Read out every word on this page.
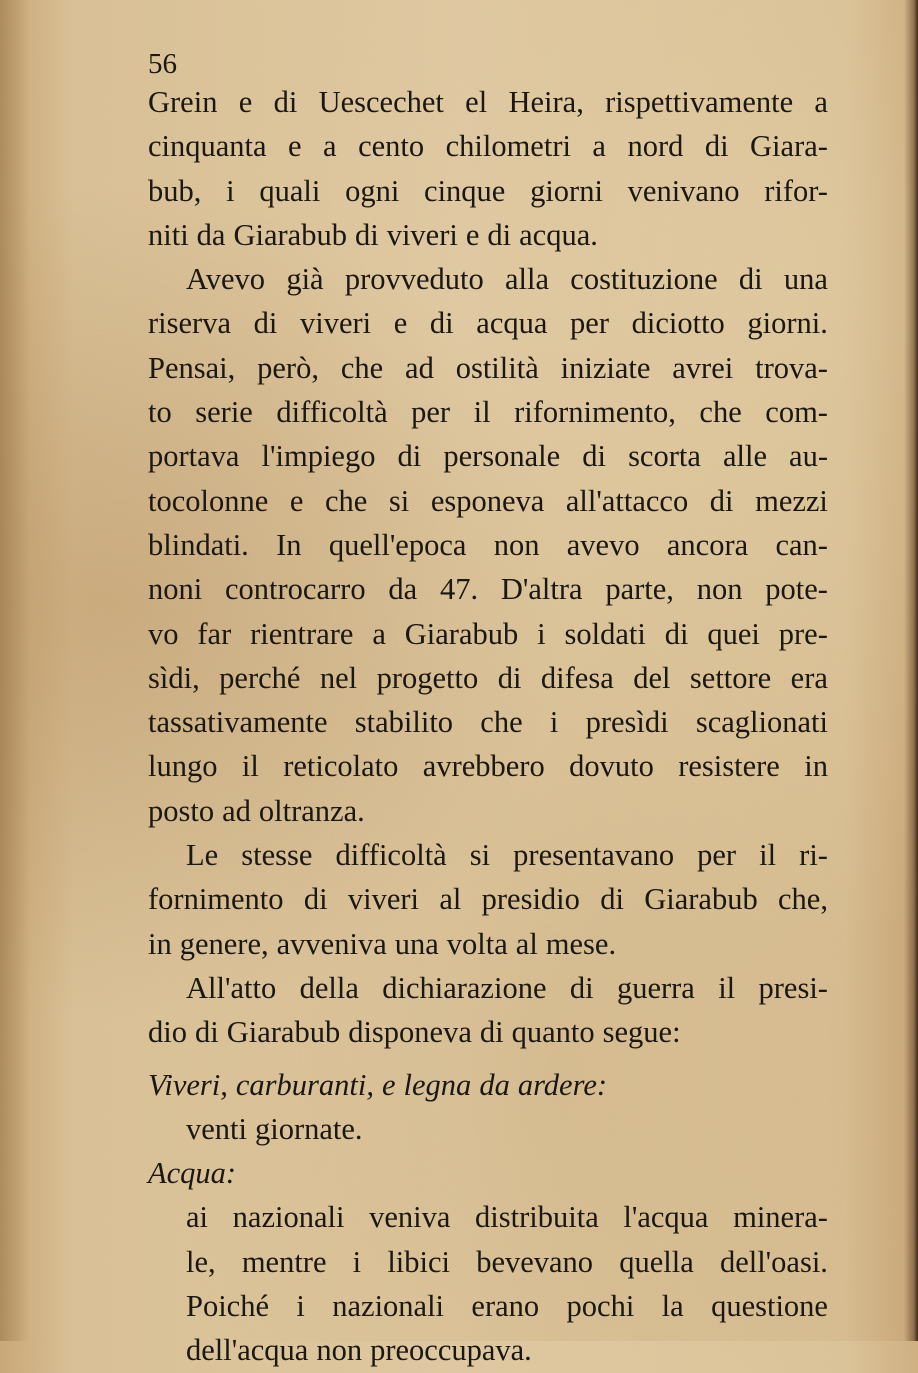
56
Grein e di Uescechet el Heira, rispettivamente a
cinquanta e a cento chilometri a nord di Giara-
bub, i quali ogni cinque giorni venivano rifor-
niti da Giarabub di viveri e di acqua.
Avevo già provveduto alla costituzione di una
riserva di viveri e di acqua per diciotto giorni.
Pensai, però, che ad ostilità iniziate avrei trova-
to serie difficoltà per il rifornimento, che com-
portava l'impiego di personale di scorta alle au-
tocolonne e che si esponeva all'attacco di mezzi
blindati. In quell'epoca non avevo ancora can-
noni controcarro da 47. D'altra parte, non pote-
vo far rientrare a Giarabub i soldati di quei pre-
sìdi, perché nel progetto di difesa del settore era
tassativamente stabilito che i presìdi scaglionati
lungo il reticolato avrebbero dovuto resistere in
posto ad oltranza.
Le stesse difficoltà si presentavano per il ri-
fornimento di viveri al presidio di Giarabub che,
in genere, avveniva una volta al mese.
All'atto della dichiarazione di guerra il presi-
dio di Giarabub disponeva di quanto segue:
Viveri, carburanti, e legna da ardere:
venti giornate.
Acqua:
ai nazionali veniva distribuita l'acqua minera-
le, mentre i libici bevevano quella dell'oasi.
Poiché i nazionali erano pochi la questione
dell'acqua non preoccupava.
